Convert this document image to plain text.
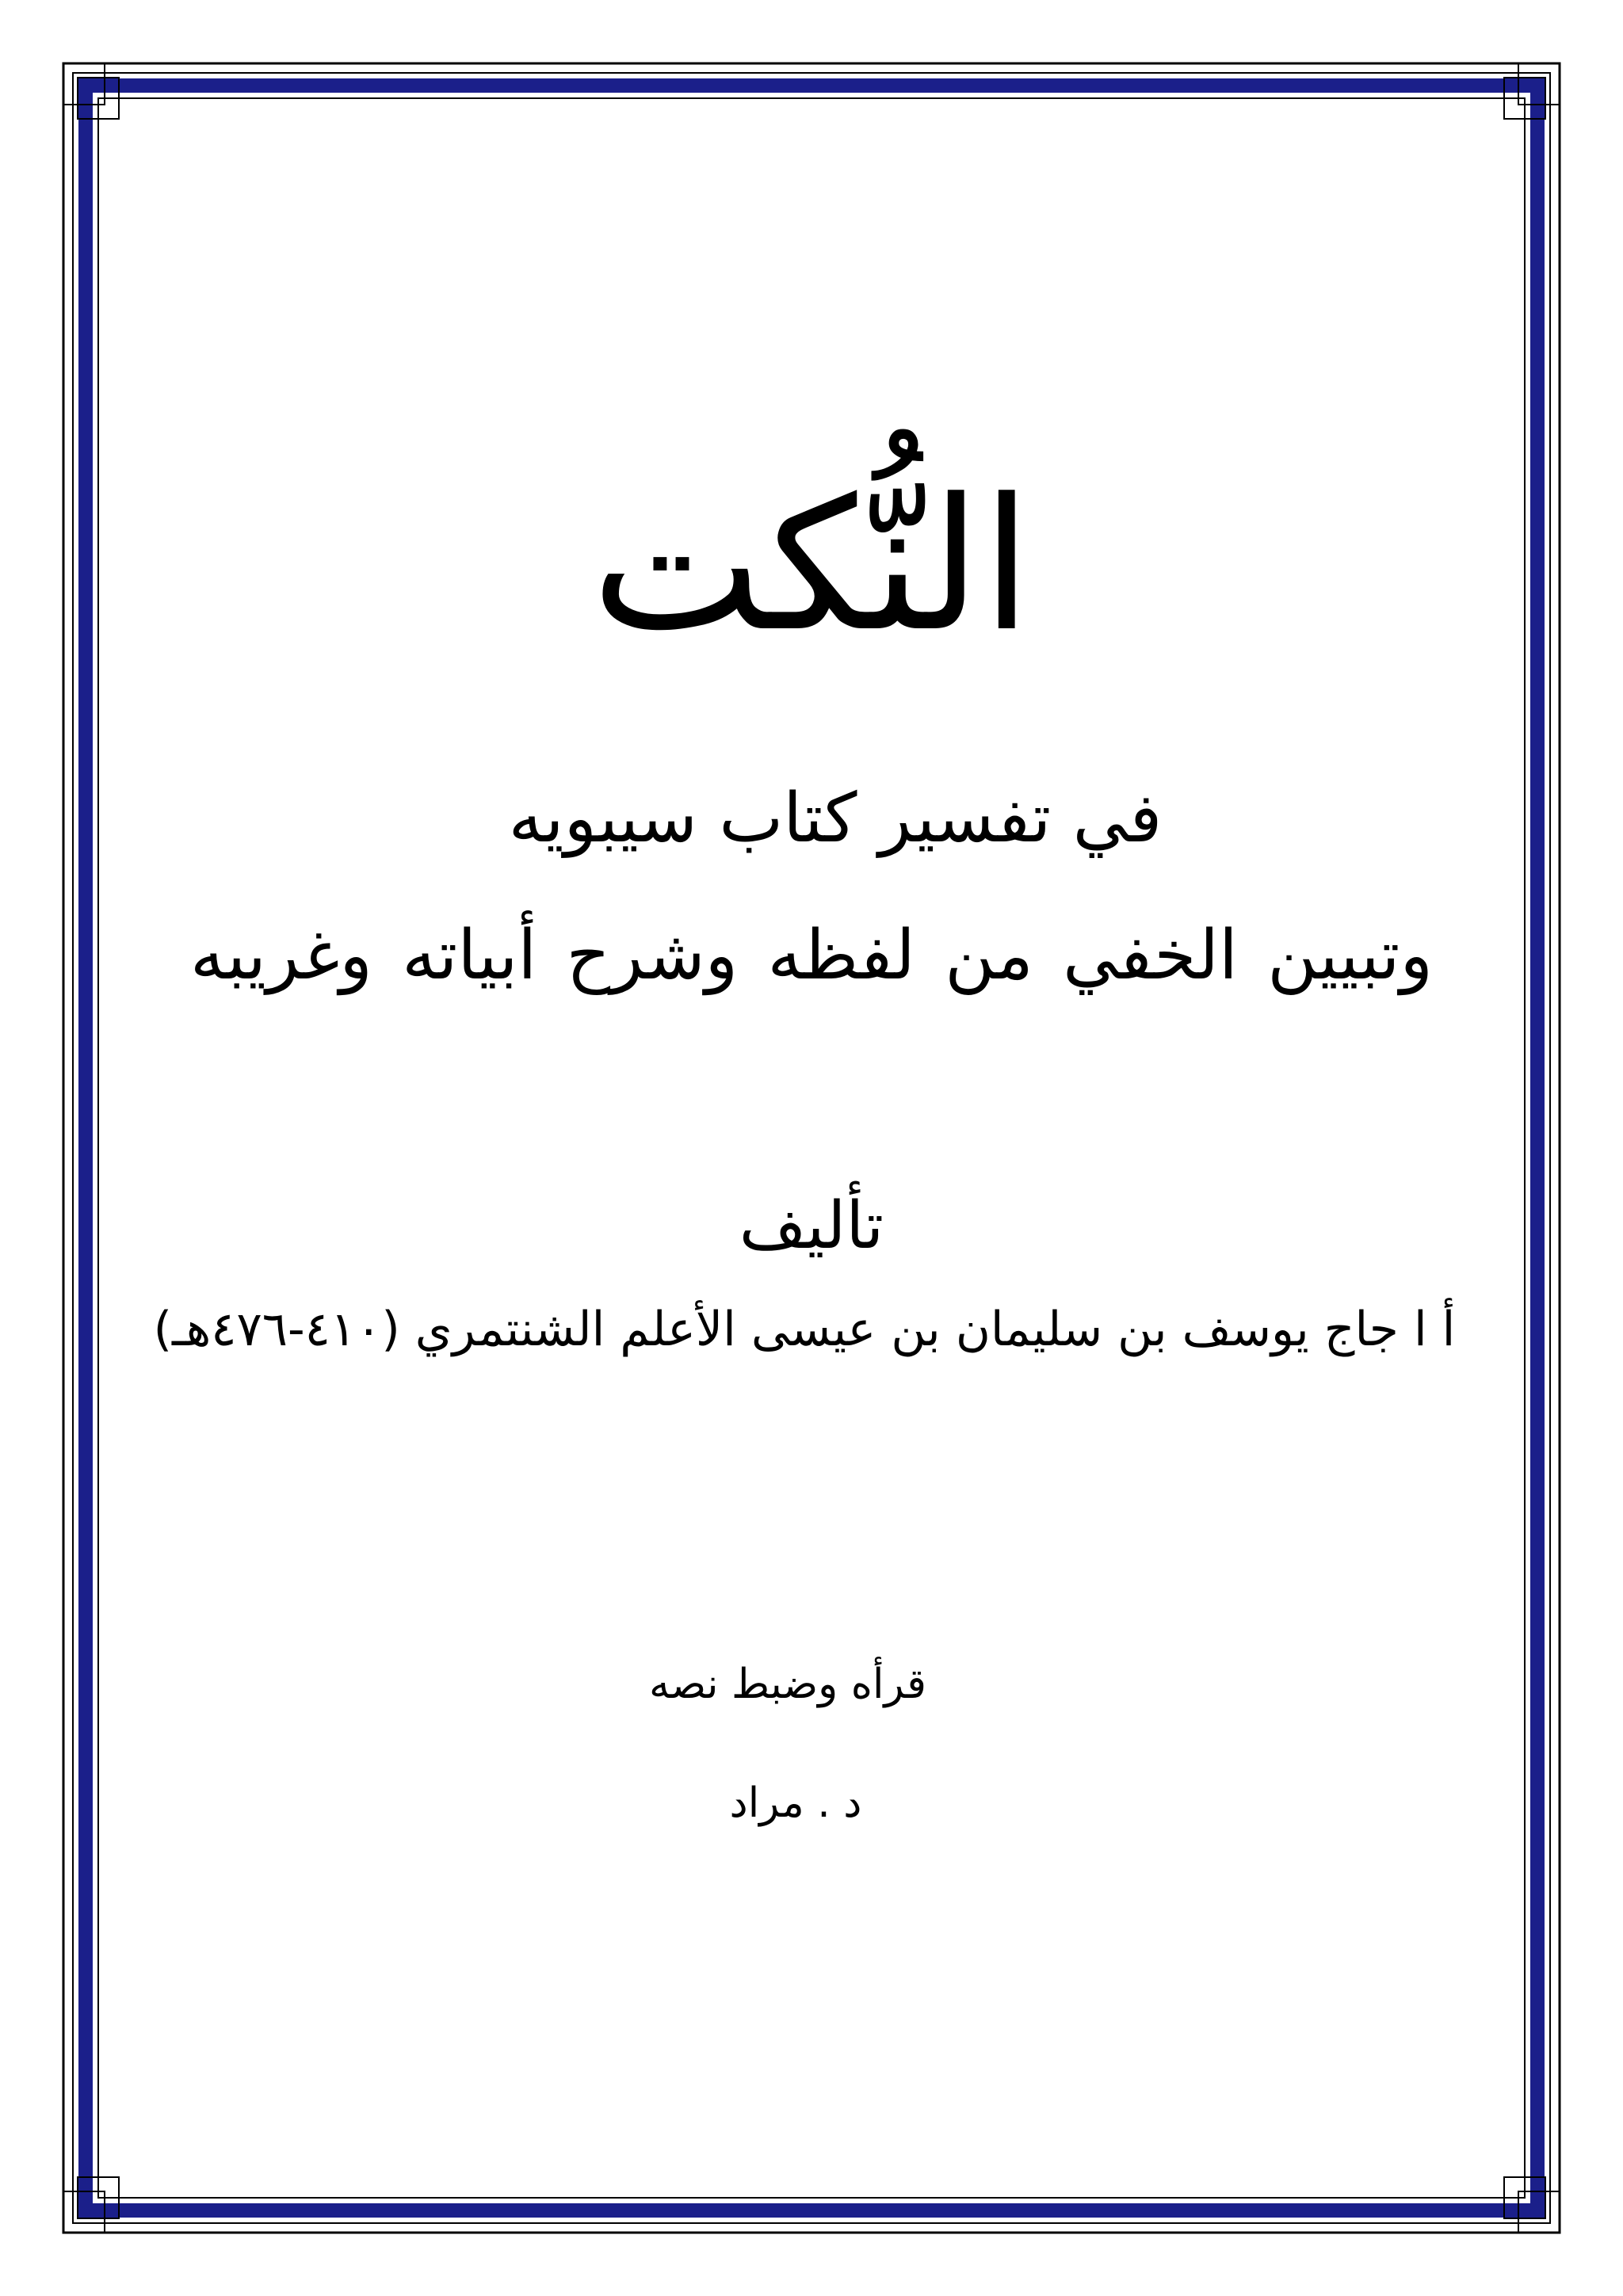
النُّكت
في تفسير كتاب سيبويه
وتبيين الخفي من لفظه وشرح أبياته وغريبه
تأليف
أ ا جاج يوسف بن سليمان بن عيسى الأعلم الشنتمري (٤١٠-٤٧٦هـ)
قرأه وضبط نصه
د . مراد
